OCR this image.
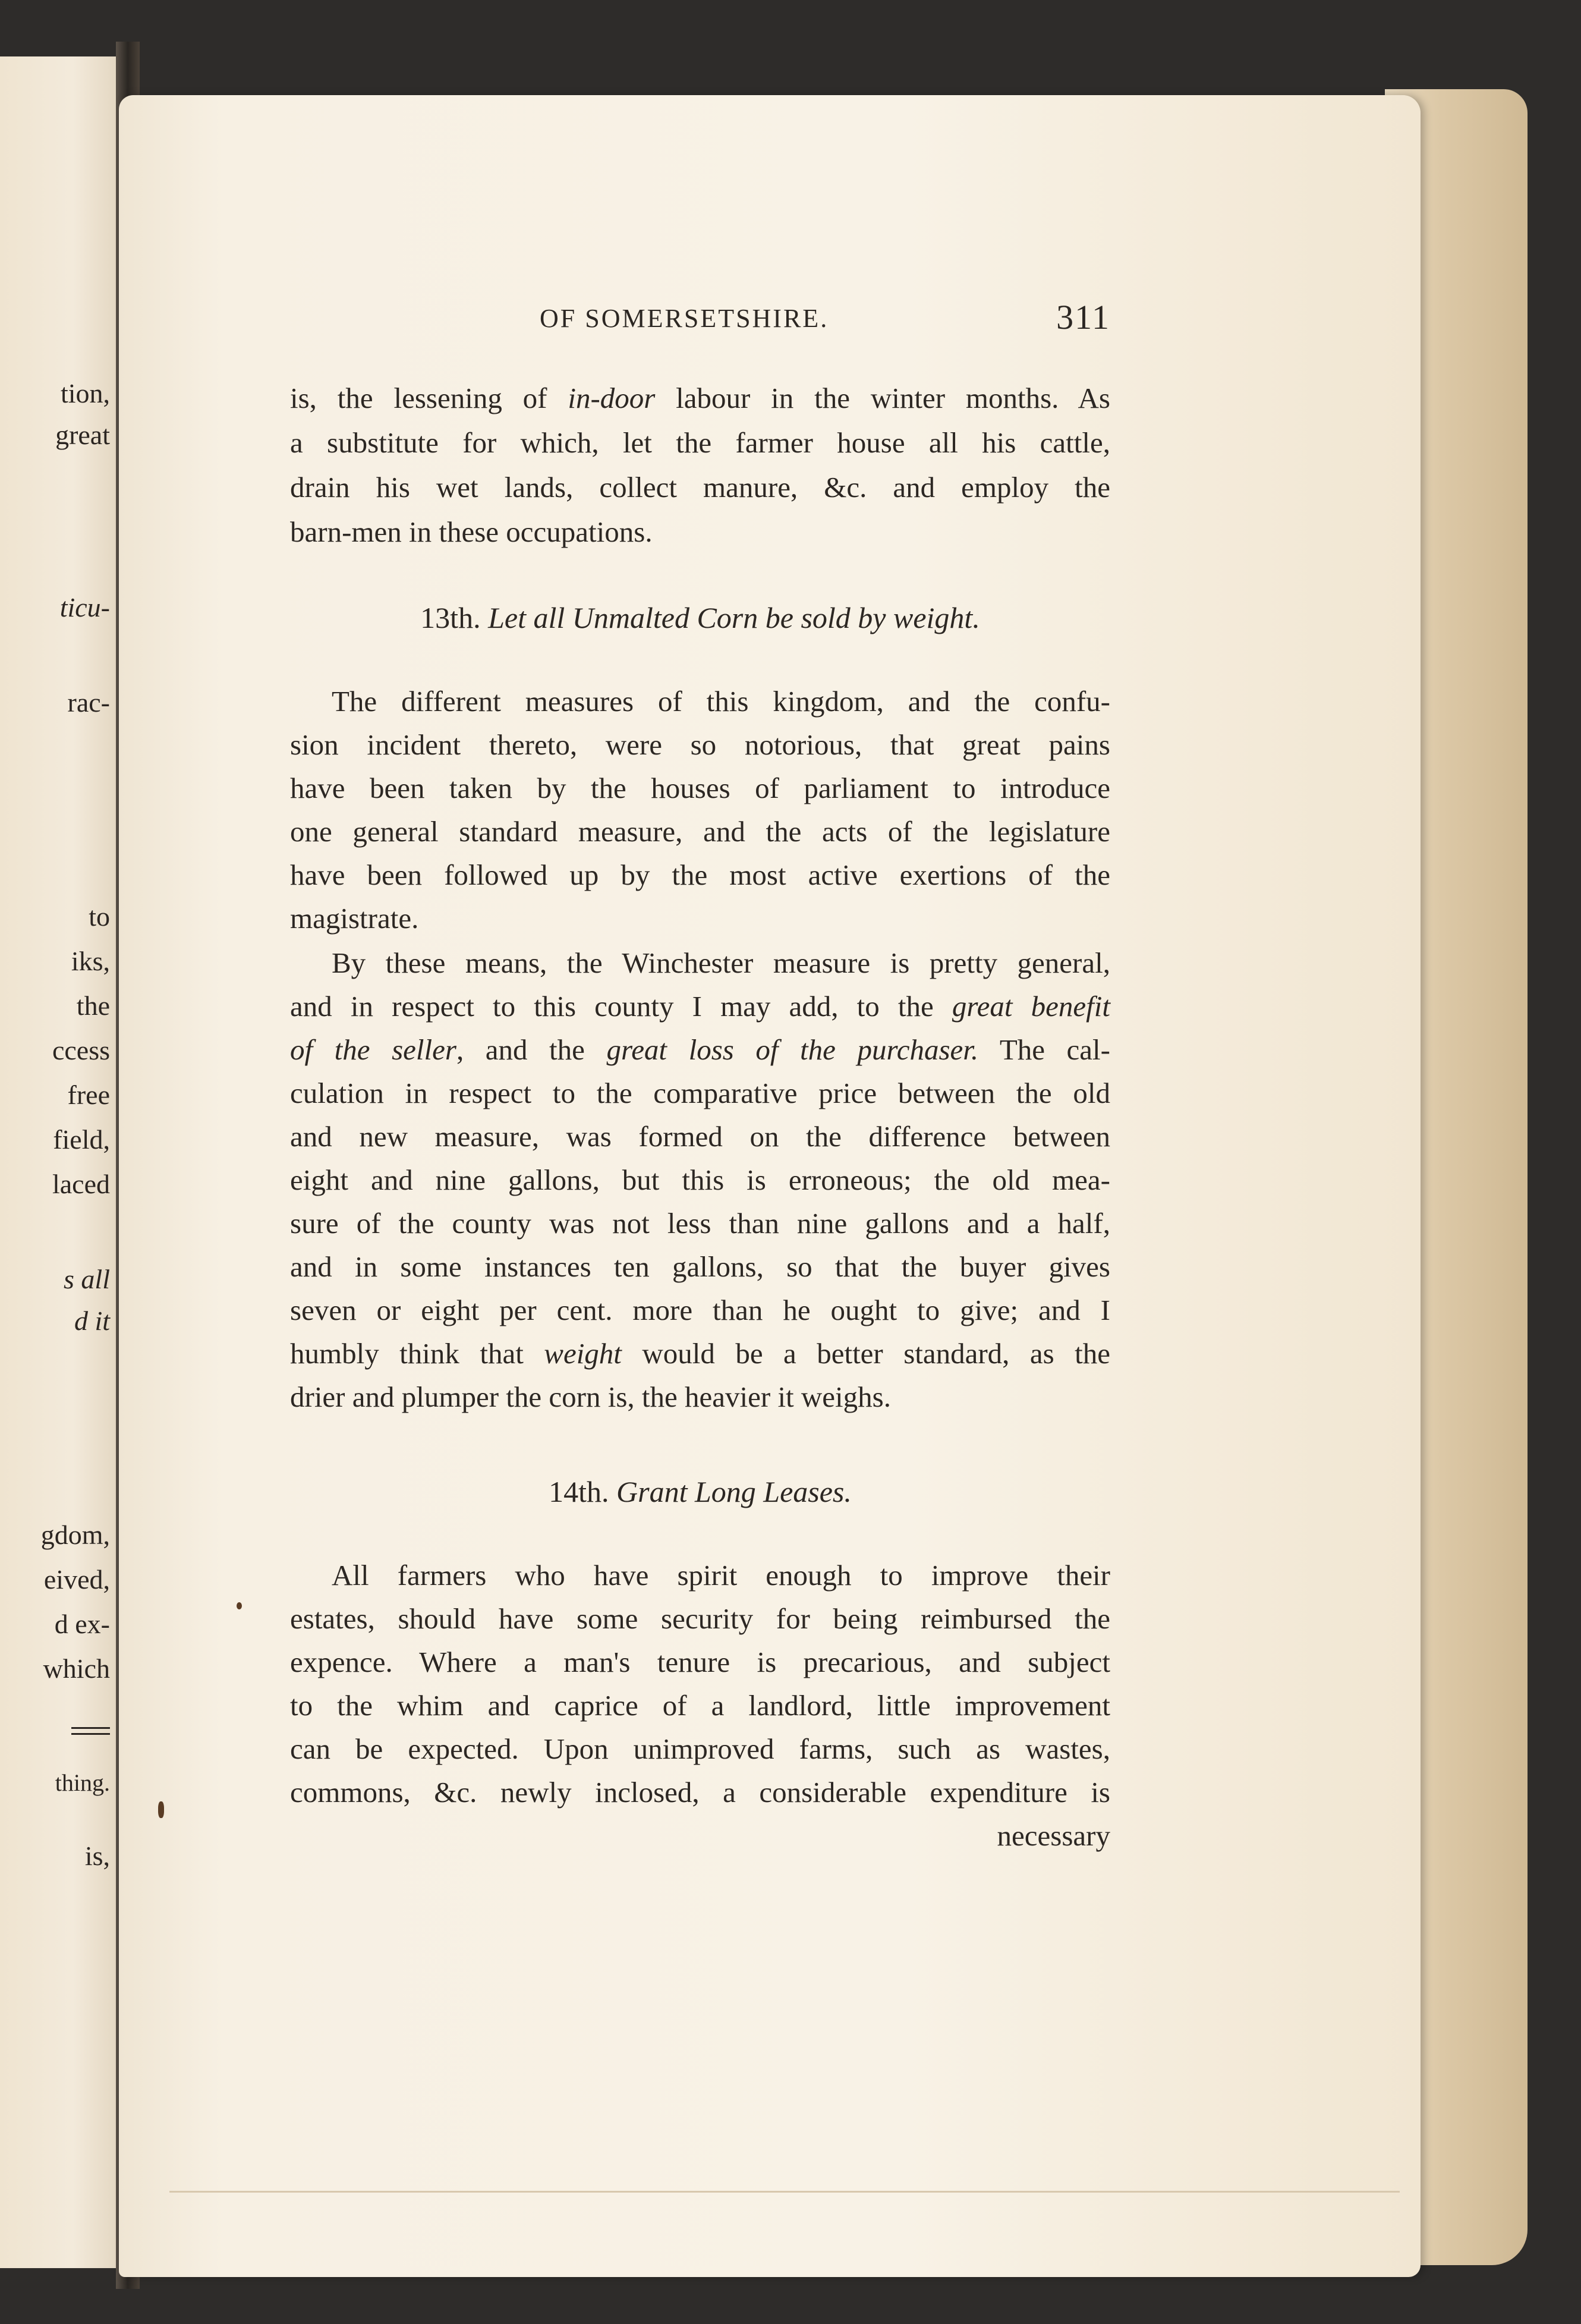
tion,
great
ticu-
rac-
to
iks,
the
ccess
free
field,
laced
s all
d it
gdom,
eived,
d ex-
which
thing.
is,
OF SOMERSETSHIRE.	311
is, the lessening of in-door labour in the winter months. As
a substitute for which, let the farmer house all his cattle,
drain his wet lands, collect manure, &c. and employ the
barn-men in these occupations.
13th. Let all Unmalted Corn be sold by weight.
The different measures of this kingdom, and the confu-
sion incident thereto, were so notorious, that great pains
have been taken by the houses of parliament to introduce
one general standard measure, and the acts of the legislature
have been followed up by the most active exertions of the
magistrate.
By these means, the Winchester measure is pretty general,
and in respect to this county I may add, to the great benefit
of the seller, and the great loss of the purchaser. The cal-
culation in respect to the comparative price between the old
and new measure, was formed on the difference between
eight and nine gallons, but this is erroneous; the old mea-
sure of the county was not less than nine gallons and a half,
and in some instances ten gallons, so that the buyer gives
seven or eight per cent. more than he ought to give; and I
humbly think that weight would be a better standard, as the
drier and plumper the corn is, the heavier it weighs.
14th. Grant Long Leases.
All farmers who have spirit enough to improve their
estates, should have some security for being reimbursed the
expence. Where a man's tenure is precarious, and subject
to the whim and caprice of a landlord, little improvement
can be expected. Upon unimproved farms, such as wastes,
commons, &c. newly inclosed, a considerable expenditure is
necessary
